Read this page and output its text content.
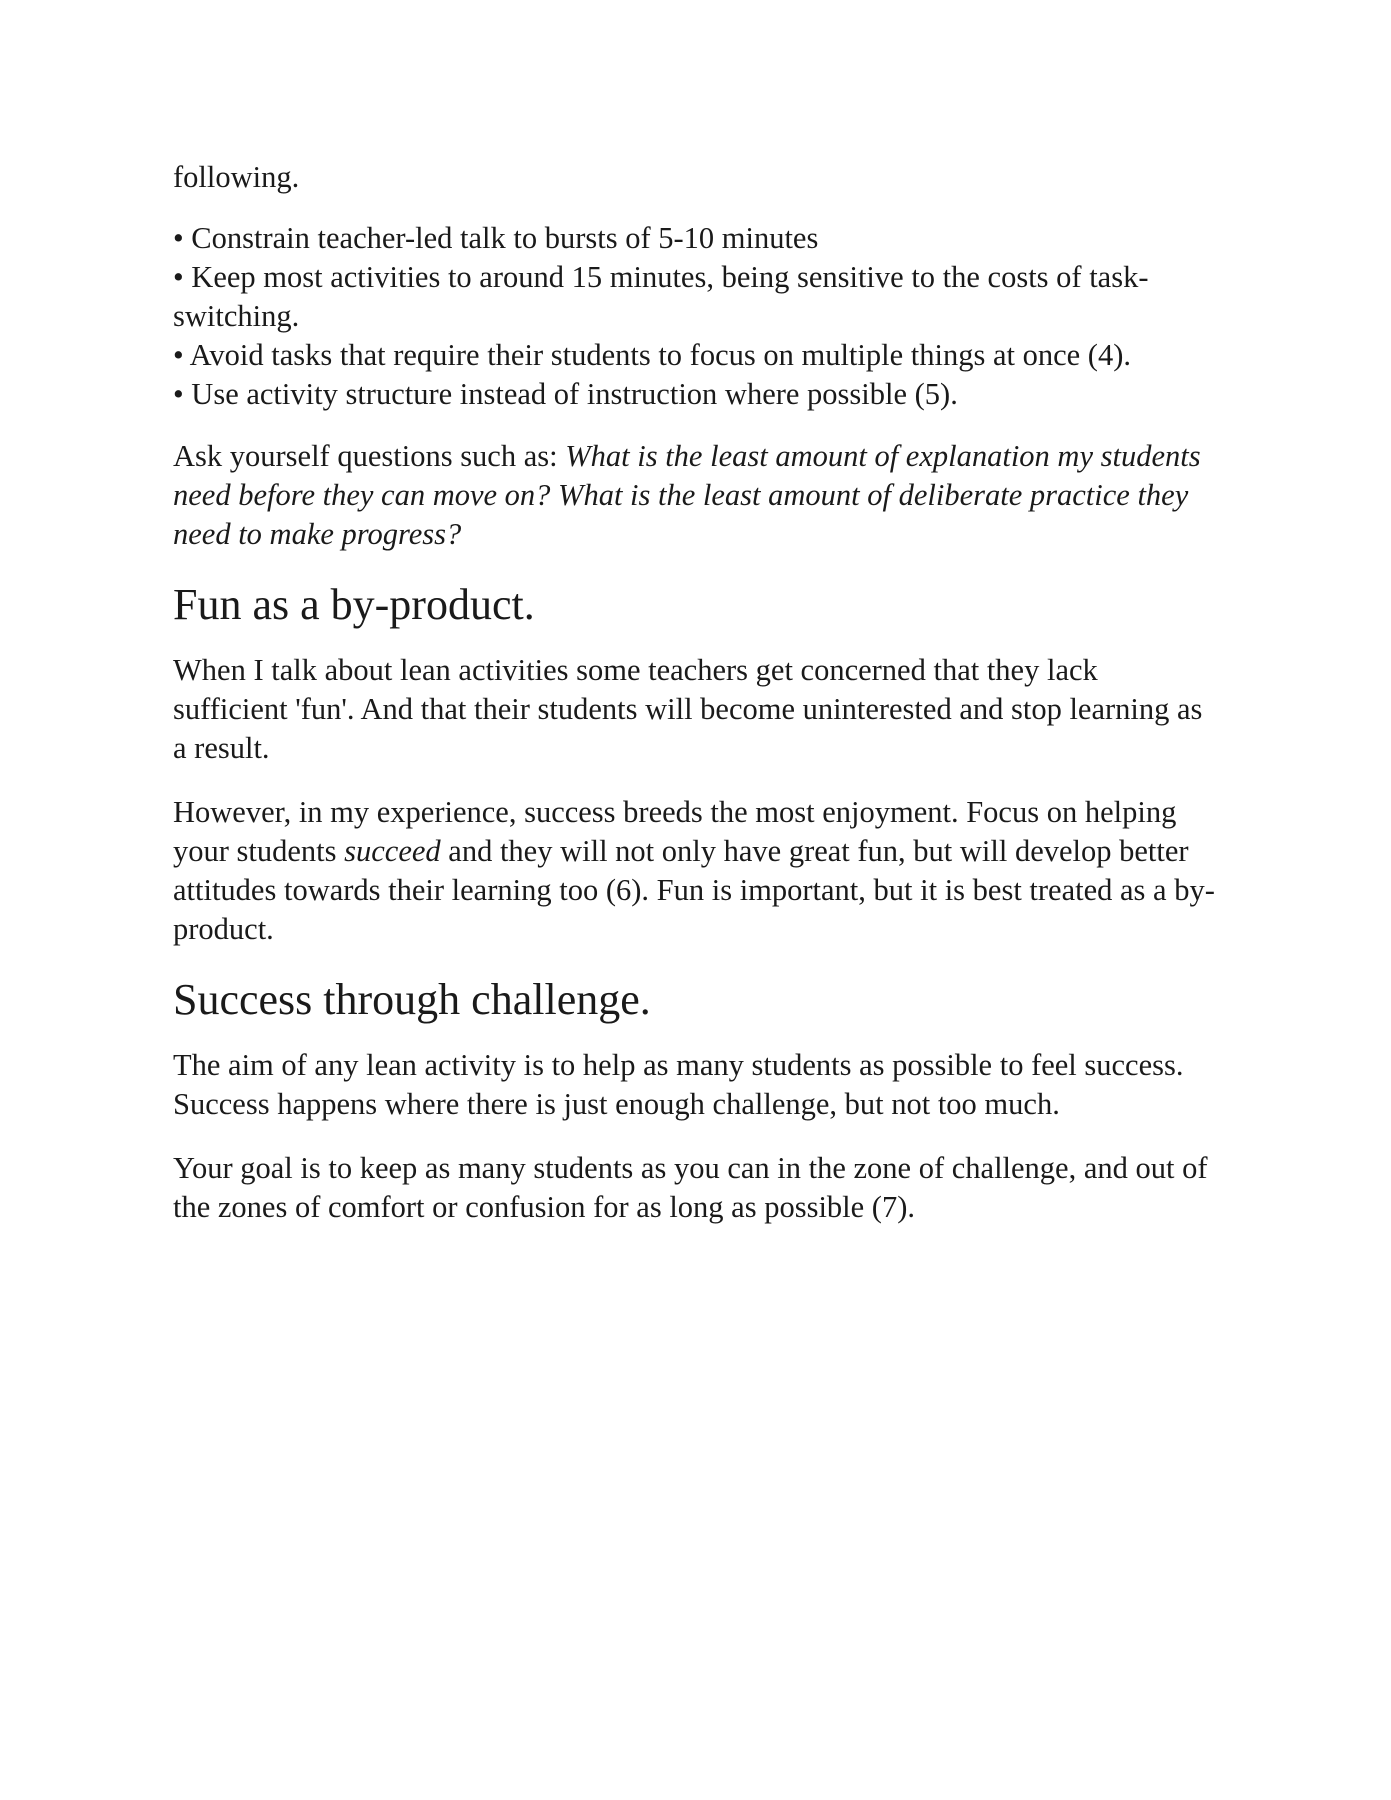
following.

• Constrain teacher-led talk to bursts of 5-10 minutes
• Keep most activities to around 15 minutes, being sensitive to the costs of task-switching.
• Avoid tasks that require their students to focus on multiple things at once (4).
• Use activity structure instead of instruction where possible (5).

Ask yourself questions such as: What is the least amount of explanation my students need before they can move on? What is the least amount of deliberate practice they need to make progress?

Fun as a by-product.

When I talk about lean activities some teachers get concerned that they lack sufficient 'fun'. And that their students will become uninterested and stop learning as a result.

However, in my experience, success breeds the most enjoyment. Focus on helping your students succeed and they will not only have great fun, but will develop better attitudes towards their learning too (6). Fun is important, but it is best treated as a by-product.

Success through challenge.

The aim of any lean activity is to help as many students as possible to feel success. Success happens where there is just enough challenge, but not too much.

Your goal is to keep as many students as you can in the zone of challenge, and out of the zones of comfort or confusion for as long as possible (7).
